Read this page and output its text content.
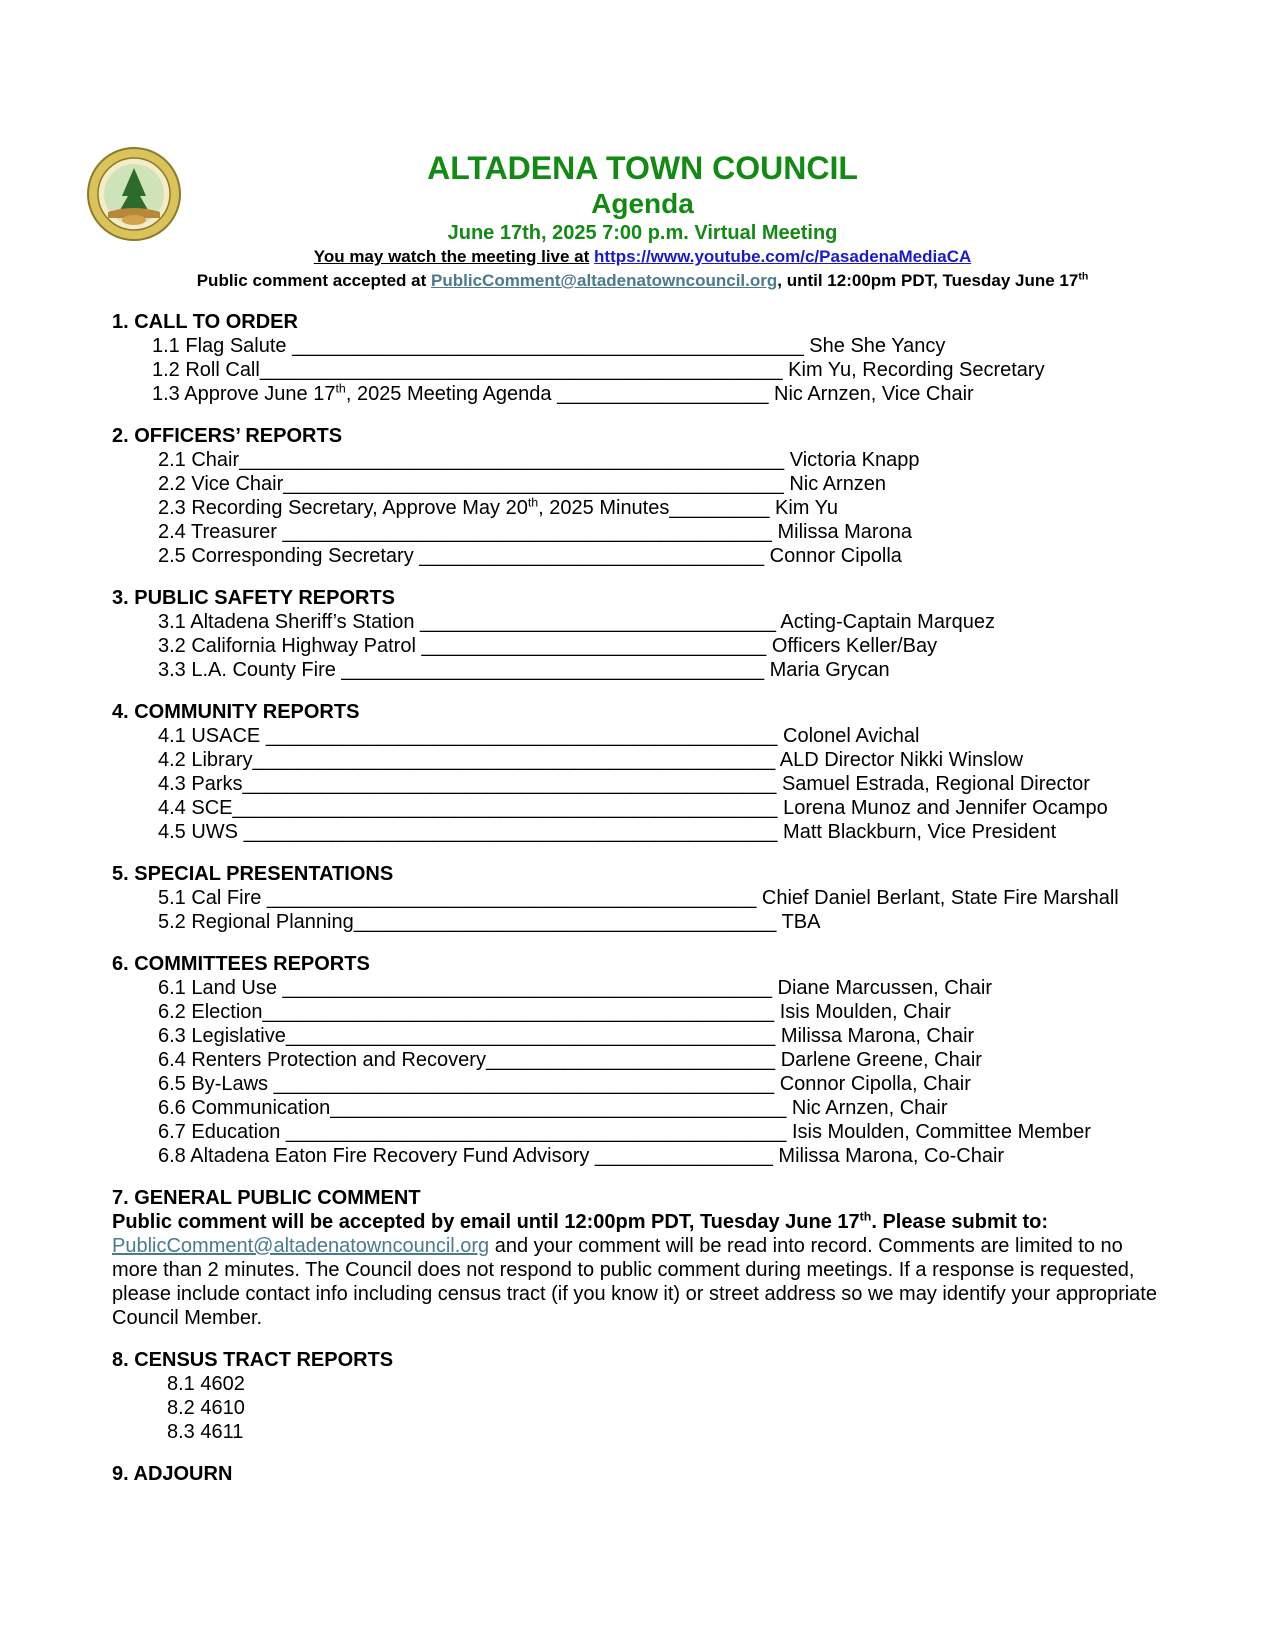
ALTADENA TOWN COUNCIL
Agenda
June 17th, 2025 7:00 p.m. Virtual Meeting
You may watch the meeting live at https://www.youtube.com/c/PasadenaMediaCA
Public comment accepted at PublicComment@altadenatowncouncil.org, until 12:00pm PDT, Tuesday June 17th
1. CALL TO ORDER
1.1 Flag Salute ______________________________________________ She She Yancy
1.2 Roll Call_______________________________________________ Kim Yu, Recording Secretary
1.3 Approve June 17th, 2025 Meeting Agenda ___________________ Nic Arnzen, Vice Chair
2. OFFICERS’ REPORTS
2.1 Chair_________________________________________________ Victoria Knapp
2.2 Vice Chair_____________________________________________ Nic Arnzen
2.3 Recording Secretary, Approve May 20th, 2025 Minutes_________ Kim Yu
2.4 Treasurer ____________________________________________ Milissa Marona
2.5 Corresponding Secretary _______________________________ Connor Cipolla
3. PUBLIC SAFETY REPORTS
3.1 Altadena Sheriff’s Station ________________________________ Acting-Captain Marquez
3.2 California Highway Patrol _______________________________ Officers Keller/Bay
3.3 L.A. County Fire ______________________________________ Maria Grycan
4. COMMUNITY REPORTS
4.1 USACE ______________________________________________ Colonel Avichal
4.2 Library_______________________________________________ ALD Director Nikki Winslow
4.3 Parks________________________________________________ Samuel Estrada, Regional Director
4.4 SCE_________________________________________________ Lorena Munoz and Jennifer Ocampo
4.5 UWS ________________________________________________ Matt Blackburn, Vice President
5. SPECIAL PRESENTATIONS
5.1 Cal Fire ____________________________________________ Chief Daniel Berlant, State Fire Marshall
5.2 Regional Planning______________________________________ TBA
6. COMMITTEES REPORTS
6.1 Land Use ____________________________________________ Diane Marcussen, Chair
6.2 Election______________________________________________ Isis Moulden, Chair
6.3 Legislative____________________________________________ Milissa Marona, Chair
6.4 Renters Protection and Recovery__________________________ Darlene Greene, Chair
6.5 By-Laws _____________________________________________ Connor Cipolla, Chair
6.6 Communication_________________________________________ Nic Arnzen, Chair
6.7 Education _____________________________________________ Isis Moulden, Committee Member
6.8 Altadena Eaton Fire Recovery Fund Advisory ________________ Milissa Marona, Co-Chair
7. GENERAL PUBLIC COMMENT
Public comment will be accepted by email until 12:00pm PDT, Tuesday June 17th. Please submit to:
PublicComment@altadenatowncouncil.org and your comment will be read into record. Comments are limited to no more than 2 minutes. The Council does not respond to public comment during meetings. If a response is requested, please include contact info including census tract (if you know it) or street address so we may identify your appropriate Council Member.
8. CENSUS TRACT REPORTS
8.1 4602
8.2 4610
8.3 4611
9. ADJOURN
